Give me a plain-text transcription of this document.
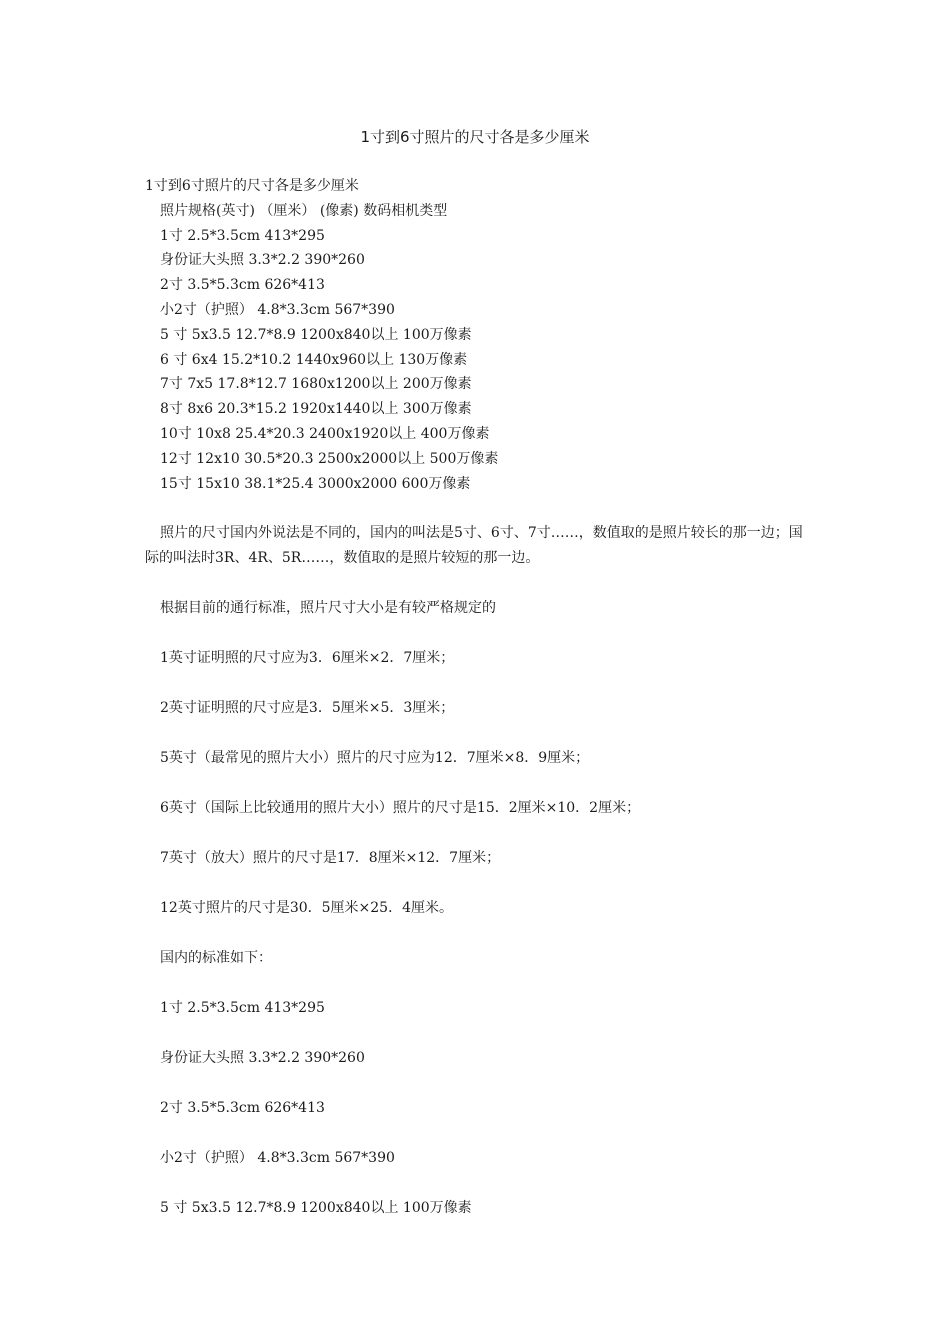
1寸到6寸照片的尺寸各是多少厘米

1寸到6寸照片的尺寸各是多少厘米

照片规格(英寸) （厘米） (像素) 数码相机类型

1寸 2.5*3.5cm 413*295

身份证大头照 3.3*2.2 390*260

2寸 3.5*5.3cm 626*413

小2寸（护照） 4.8*3.3cm 567*390

5 寸 5x3.5 12.7*8.9 1200x840以上 100万像素

6 寸 6x4 15.2*10.2 1440x960以上 130万像素

7寸 7x5 17.8*12.7 1680x1200以上 200万像素

8寸 8x6 20.3*15.2 1920x1440以上 300万像素

10寸 10x8 25.4*20.3 2400x1920以上 400万像素

12寸 12x10 30.5*20.3 2500x2000以上 500万像素

15寸 15x10 38.1*25.4 3000x2000 600万像素

照片的尺寸国内外说法是不同的，国内的叫法是5寸、6寸、7寸……，数值取的是照片较长的那一边；国际的叫法时3R、4R、5R……，数值取的是照片较短的那一边。

根据目前的通行标准，照片尺寸大小是有较严格规定的

1英寸证明照的尺寸应为3．6厘米×2．7厘米；

2英寸证明照的尺寸应是3．5厘米×5．3厘米；

5英寸（最常见的照片大小）照片的尺寸应为12．7厘米×8．9厘米；

6英寸（国际上比较通用的照片大小）照片的尺寸是15．2厘米×10．2厘米；

7英寸（放大）照片的尺寸是17．8厘米×12．7厘米；

12英寸照片的尺寸是30．5厘米×25．4厘米。

国内的标准如下：

1寸 2.5*3.5cm 413*295

身份证大头照 3.3*2.2 390*260

2寸 3.5*5.3cm 626*413

小2寸（护照） 4.8*3.3cm 567*390

5 寸 5x3.5 12.7*8.9 1200x840以上 100万像素
